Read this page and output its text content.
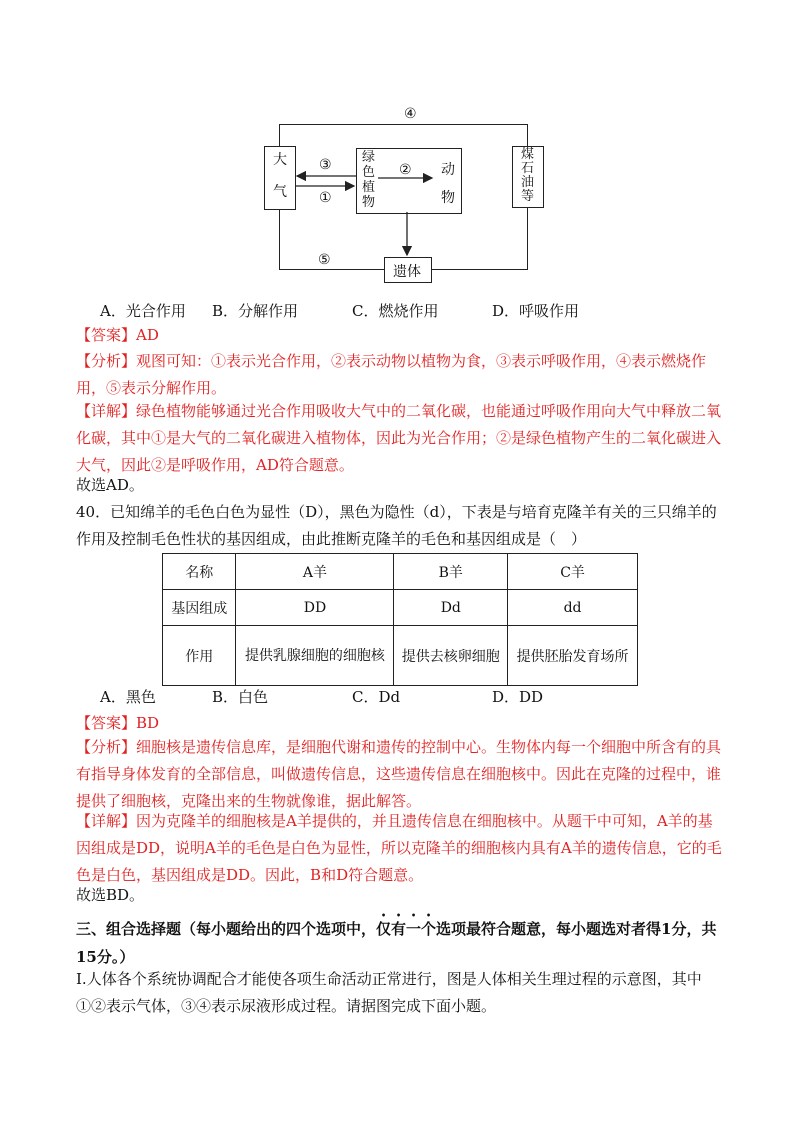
大
气
绿
色
植
物
动
物
煤
石
油
等
遗体
④
③
①
②
⑤
A．光合作用 B．分解作用	C．燃烧作用	D．呼吸作用
【答案】AD
【分析】观图可知：①表示光合作用，②表示动物以植物为食，③表示呼吸作用，④表示燃烧作用，⑤表示分解作用。
【详解】绿色植物能够通过光合作用吸收大气中的二氧化碳，也能通过呼吸作用向大气中释放二氧化碳，其中①是大气的二氧化碳进入植物体，因此为光合作用；②是绿色植物产生的二氧化碳进入大气，因此②是呼吸作用，AD符合题意。
故选AD。
40．已知绵羊的毛色白色为显性（D），黑色为隐性（d），下表是与培育克隆羊有关的三只绵羊的作用及控制毛色性状的基因组成，由此推断克隆羊的毛色和基因组成是（　）
名称	A羊	B羊	C羊
基因组成	DD	Dd	dd
作用	提供乳腺细胞的细胞核	提供去核卵细胞	提供胚胎发育场所
A．黑色	B．白色	C．Dd	D．DD
【答案】BD
【分析】细胞核是遗传信息库，是细胞代谢和遗传的控制中心。生物体内每一个细胞中所含有的具有指导身体发育的全部信息，叫做遗传信息，这些遗传信息在细胞核中。因此在克隆的过程中，谁提供了细胞核，克隆出来的生物就像谁，据此解答。
【详解】因为克隆羊的细胞核是A羊提供的，并且遗传信息在细胞核中。从题干中可知，A羊的基因组成是DD，说明A羊的毛色是白色为显性，所以克隆羊的细胞核内具有A羊的遗传信息，它的毛色是白色，基因组成是DD。因此，B和D符合题意。
故选BD。
三、组合选择题（每小题给出的四个选项中，仅有一个选项最符合题意，每小题选对者得1分，共15分。）
Ⅰ.人体各个系统协调配合才能使各项生命活动正常进行，图是人体相关生理过程的示意图，其中①②表示气体，③④表示尿液形成过程。请据图完成下面小题。
